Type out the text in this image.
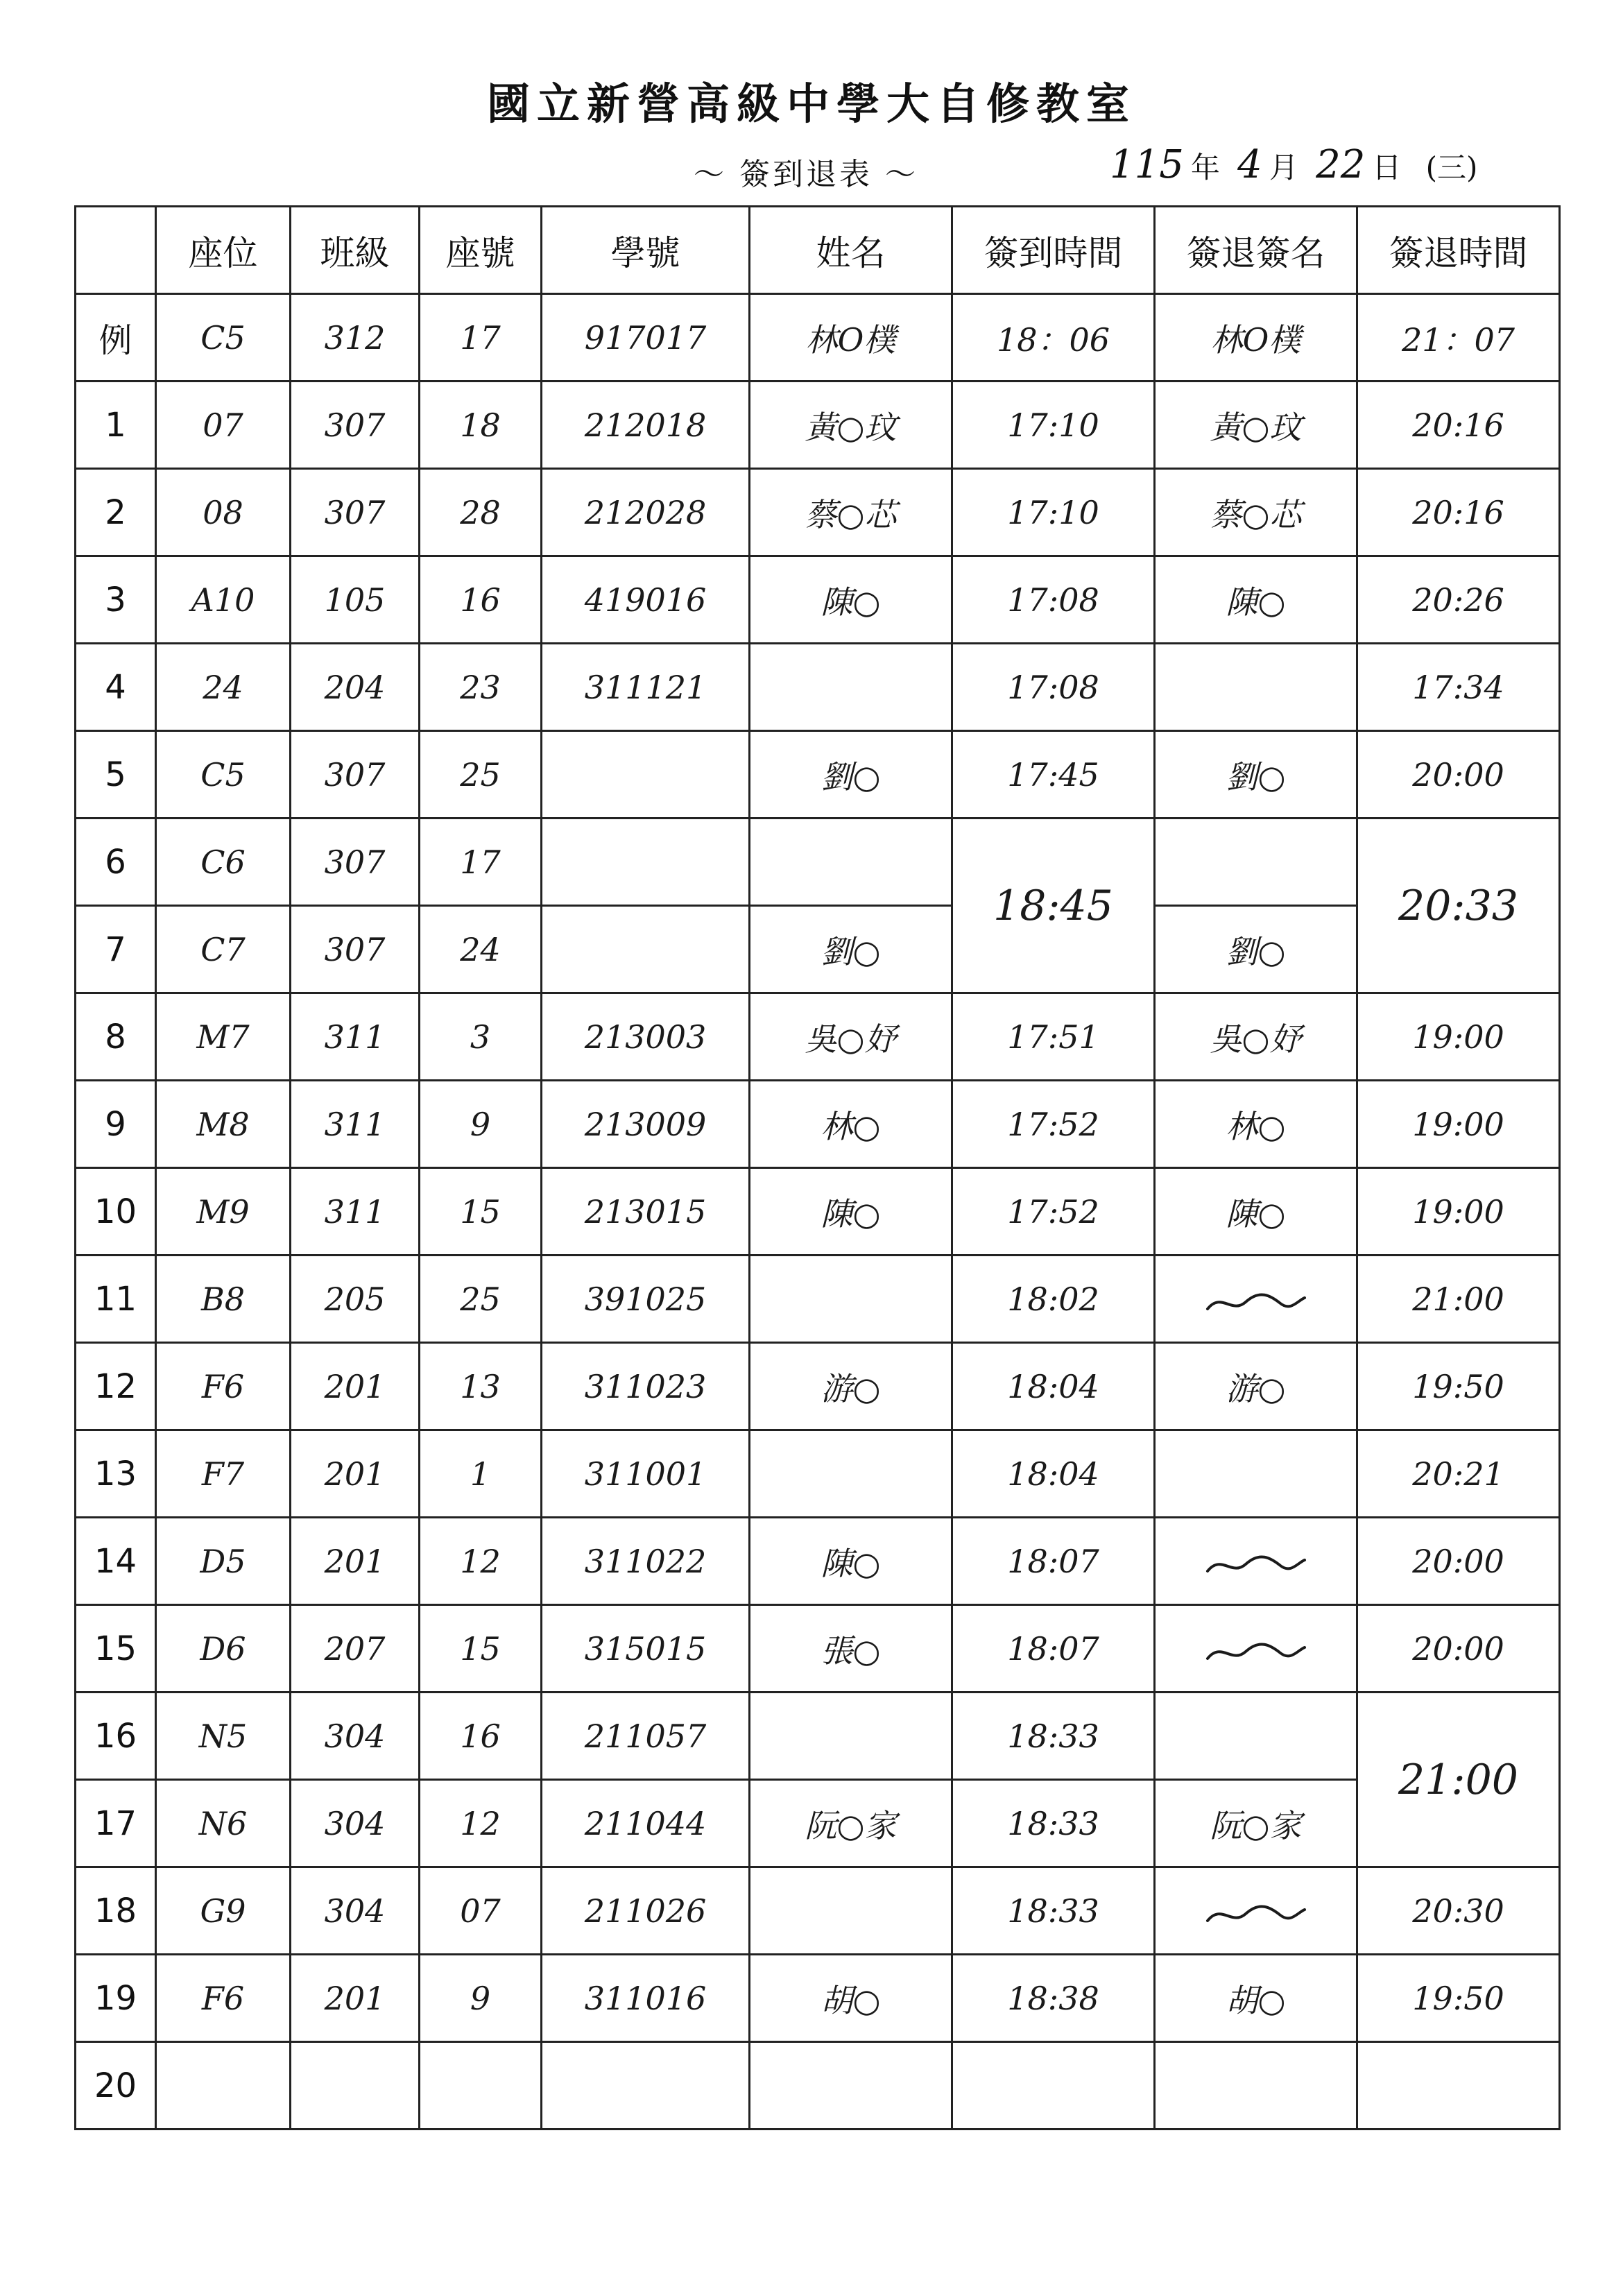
國立新營高級中學大自修教室
～ 簽到退表 ～	115 年 4 月 22 日 (三)
	座位	班級	座號	學號	姓名	簽到時間	簽退簽名	簽退時間
例	C5	312	17	917017	林Ο樸	18：06	林Ο樸	21：07
1	07	307	18	212018	黃○玟	17:10	黃○玟	20:16
2	08	307	28	212028	蔡○芯	17:10	蔡○芯	20:16
3	A10	105	16	419016	陳○	17:08	陳○	20:26
4	24	204	23	311121		17:08		17:34
5	C5	307	25		劉○	17:45	劉○	20:00
6	C6	307	17			18:45		20:33
7	C7	307	24		劉○		劉○	
8	M7	311	3	213003	吳○妤	17:51	吳○妤	19:00
9	M8	311	9	213009	林○	17:52	林○	19:00
10	M9	311	15	213015	陳○	17:52	陳○	19:00
11	B8	205	25	391025		18:02		21:00
12	F6	201	13	311023	游○	18:04	游○	19:50
13	F7	201	1	311001		18:04		20:21
14	D5	201	12	311022	陳○	18:07		20:00
15	D6	207	15	315015	張○	18:07		20:00
16	N5	304	16	211057		18:33		21:00
17	N6	304	12	211044	阮○家	18:33	阮○家	
18	G9	304	07	211026		18:33		20:30
19	F6	201	9	311016	胡○	18:38	胡○	19:50
20								
